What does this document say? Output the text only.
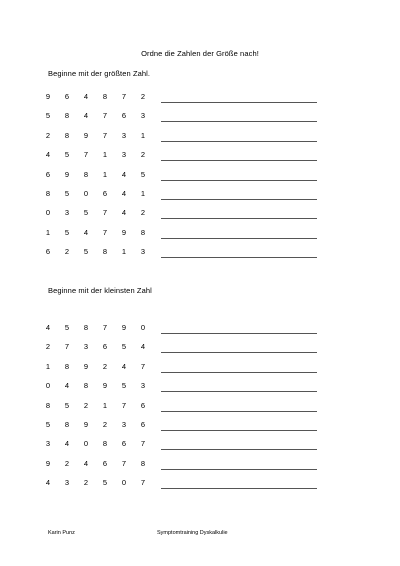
Ordne die Zahlen der Größe nach!
Beginne mit der größten Zahl.
9	6	4	8	7	2
5	8	4	7	6	3
2	8	9	7	3	1
4	5	7	1	3	2
6	9	8	1	4	5
8	5	0	6	4	1
0	3	5	7	4	2
1	5	4	7	9	8
6	2	5	8	1	3
Beginne mit der kleinsten Zahl
4	5	8	7	9	0
2	7	3	6	5	4
1	8	9	2	4	7
0	4	8	9	5	3
8	5	2	1	7	6
5	8	9	2	3	6
3	4	0	8	6	7
9	2	4	6	7	8
4	3	2	5	0	7
Karin Punz	Symptomtraining Dyskalkulie
